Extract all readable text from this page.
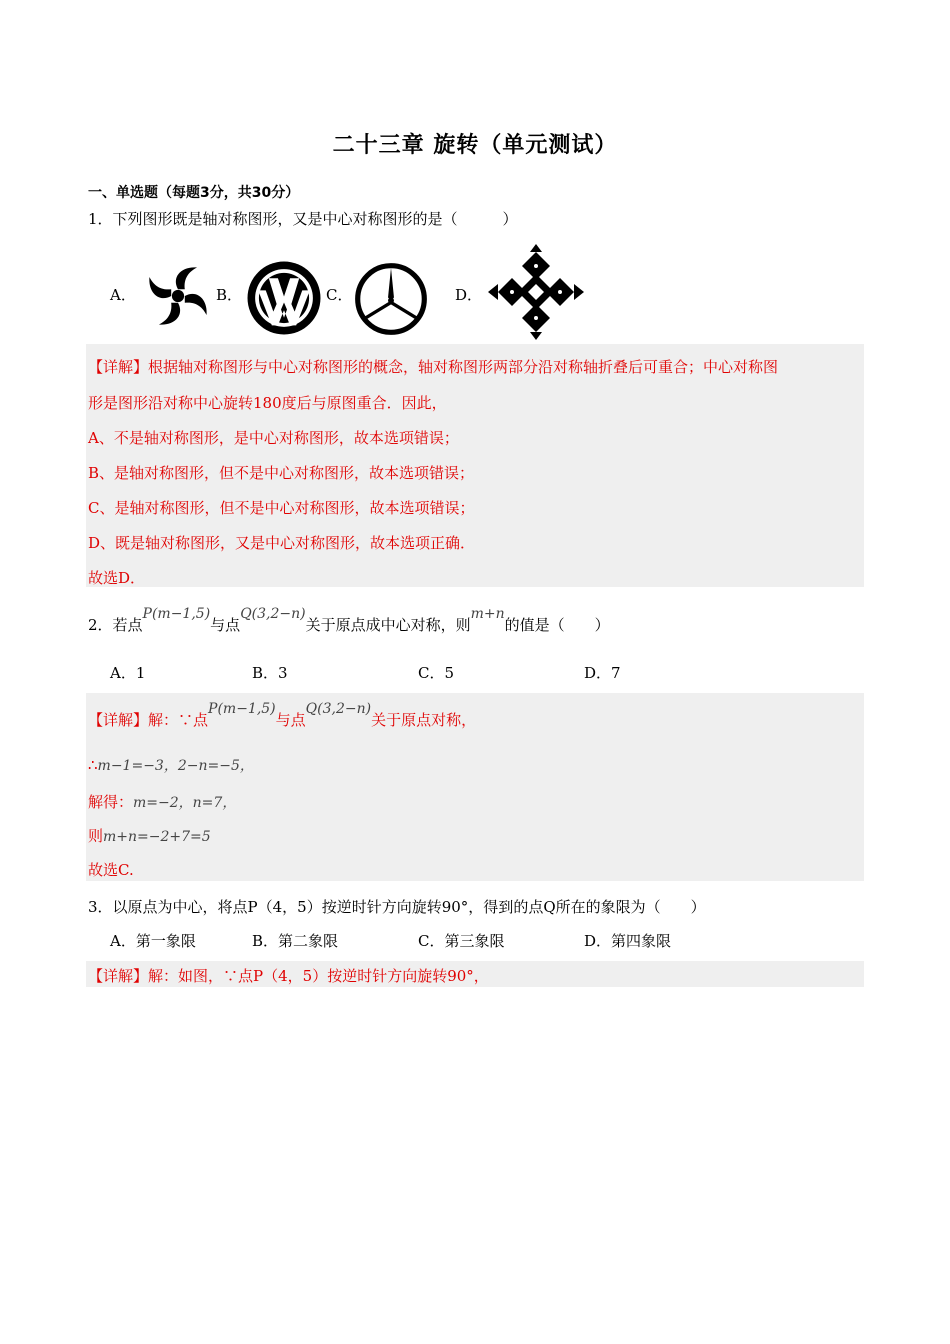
二十三章 旋转（单元测试）
一、单选题（每题3分，共30分）
1．下列图形既是轴对称图形，又是中心对称图形的是（　　　）
A．	B．	C．	D．
【详解】根据轴对称图形与中心对称图形的概念，轴对称图形两部分沿对称轴折叠后可重合；中心对称图
形是图形沿对称中心旋转180度后与原图重合．因此，
A、不是轴对称图形，是中心对称图形，故本选项错误；
B、是轴对称图形，但不是中心对称图形，故本选项错误；
C、是轴对称图形，但不是中心对称图形，故本选项错误；
D、既是轴对称图形，又是中心对称图形，故本选项正确．
故选D．
2．若点P(m−1,5)与点Q(3,2−n)关于原点成中心对称，则m+n的值是（　　）
A．1	B．3	C．5	D．7
【详解】解：∵点P(m−1,5)与点Q(3,2−n)关于原点对称，
∴m−1=−3，2−n=−5，
解得：m=−2，n=7，
则m+n=−2+7=5
故选C.
3．以原点为中心，将点P（4，5）按逆时针方向旋转90°，得到的点Q所在的象限为（　　）
A．第一象限	B．第二象限	C．第三象限	D．第四象限
【详解】解：如图，∵点P（4，5）按逆时针方向旋转90°，
